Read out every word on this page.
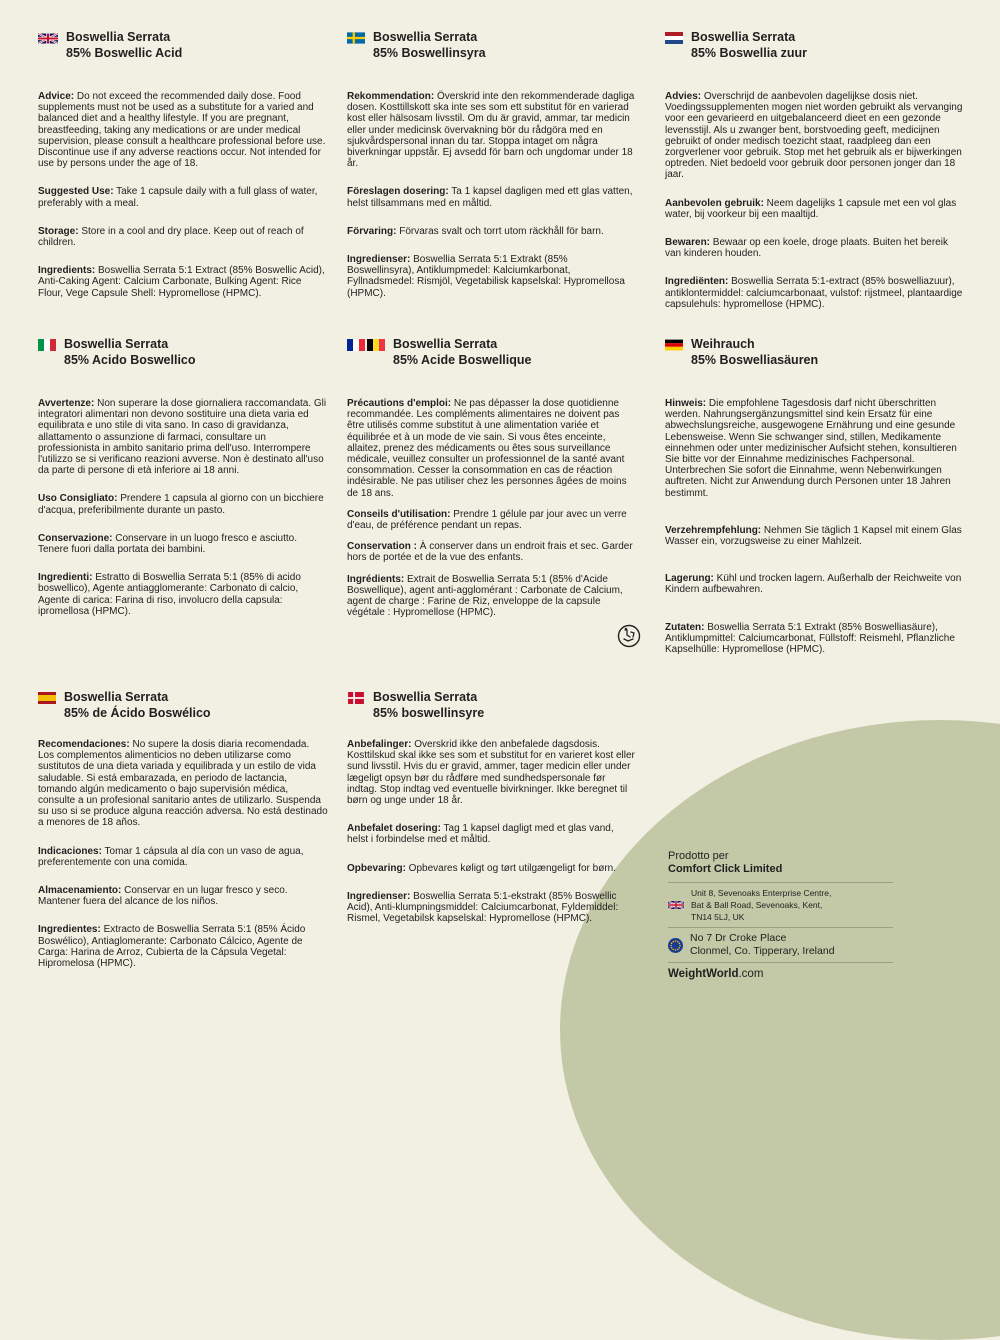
Boswellia Serrata
85% Boswellic Acid

Advice: Do not exceed the recommended daily dose. Food supplements must not be used as a substitute for a varied and balanced diet and a healthy lifestyle. If you are pregnant, breastfeeding, taking any medications or are under medical supervision, please consult a healthcare professional before use. Discontinue use if any adverse reactions occur. Not intended for use by persons under the age of 18.

Suggested Use: Take 1 capsule daily with a full glass of water, preferably with a meal.

Storage: Store in a cool and dry place. Keep out of reach of children.

Ingredients: Boswellia Serrata 5:1 Extract (85% Boswellic Acid), Anti-Caking Agent: Calcium Carbonate, Bulking Agent: Rice Flour, Vege Capsule Shell: Hypromellose (HPMC).

Boswellia Serrata
85% Boswellinsyra

Rekommendation: Överskrid inte den rekommenderade dagliga dosen. Kosttillskott ska inte ses som ett substitut för en varierad kost eller hälsosam livsstil. Om du är gravid, ammar, tar medicin eller under medicinsk övervakning bör du rådgöra med en sjukvårdspersonal innan du tar. Stoppa intaget om några biverkningar uppstår. Ej avsedd för barn och ungdomar under 18 år.

Föreslagen dosering: Ta 1 kapsel dagligen med ett glas vatten, helst tillsammans med en måltid.

Förvaring: Förvaras svalt och torrt utom räckhåll för barn.

Ingredienser: Boswellia Serrata 5:1 Extrakt (85% Boswellinsyra), Antiklumpmedel: Kalciumkarbonat, Fyllnadsmedel: Rismjöl, Vegetabilisk kapselskal: Hypromellosa (HPMC).

Boswellia Serrata
85% Boswellia zuur

Advies: Overschrijd de aanbevolen dagelijkse dosis niet. Voedingssupplementen mogen niet worden gebruikt als vervanging voor een gevarieerd en uitgebalanceerd dieet en een gezonde levensstijl. Als u zwanger bent, borstvoeding geeft, medicijnen gebruikt of onder medisch toezicht staat, raadpleeg dan een zorgverlener voor gebruik. Stop met het gebruik als er bijwerkingen optreden. Niet bedoeld voor gebruik door personen jonger dan 18 jaar.

Aanbevolen gebruik: Neem dagelijks 1 capsule met een vol glas water, bij voorkeur bij een maaltijd.

Bewaren: Bewaar op een koele, droge plaats. Buiten het bereik van kinderen houden.

Ingrediënten: Boswellia Serrata 5:1-extract (85% boswelliazuur), antiklontermiddel: calciumcarbonaat, vulstof: rijstmeel, plantaardige capsulehuls: hypromellose (HPMC).

Boswellia Serrata
85% Acido Boswellico

Avvertenze: Non superare la dose giornaliera raccomandata. Gli integratori alimentari non devono sostituire una dieta varia ed equilibrata e uno stile di vita sano. In caso di gravidanza, allattamento o assunzione di farmaci, consultare un professionista in ambito sanitario prima dell'uso. Interrompere l'utilizzo se si verificano reazioni avverse. Non è destinato all'uso da parte di persone di età inferiore ai 18 anni.

Uso Consigliato: Prendere 1 capsula al giorno con un bicchiere d'acqua, preferibilmente durante un pasto.

Conservazione: Conservare in un luogo fresco e asciutto. Tenere fuori dalla portata dei bambini.

Ingredienti: Estratto di Boswellia Serrata 5:1 (85% di acido boswellico), Agente antiagglomerante: Carbonato di calcio, Agente di carica: Farina di riso, involucro della capsula: ipromellosa (HPMC).

Boswellia Serrata
85% Acide Boswellique

Précautions d'emploi: Ne pas dépasser la dose quotidienne recommandée. Les compléments alimentaires ne doivent pas être utilisés comme substitut à une alimentation variée et équilibrée et à un mode de vie sain. Si vous êtes enceinte, allaitez, prenez des médicaments ou êtes sous surveillance médicale, veuillez consulter un professionnel de la santé avant consommation. Cesser la consommation en cas de réaction indésirable. Ne pas utiliser chez les personnes âgées de moins de 18 ans.

Conseils d'utilisation: Prendre 1 gélule par jour avec un verre d'eau, de préférence pendant un repas.

Conservation : À conserver dans un endroit frais et sec. Garder hors de portée et de la vue des enfants.

Ingrédients: Extrait de Boswellia Serrata 5:1 (85% d'Acide Boswellique), agent anti-agglomérant : Carbonate de Calcium, agent de charge : Farine de Riz, enveloppe de la capsule végétale : Hypromellose (HPMC).

Weihrauch
85% Boswelliasäuren

Hinweis: Die empfohlene Tagesdosis darf nicht überschritten werden. Nahrungsergänzungsmittel sind kein Ersatz für eine abwechslungsreiche, ausgewogene Ernährung und eine gesunde Lebensweise. Wenn Sie schwanger sind, stillen, Medikamente einnehmen oder unter medizinischer Aufsicht stehen, konsultieren Sie bitte vor der Einnahme medizinisches Fachpersonal. Unterbrechen Sie sofort die Einnahme, wenn Nebenwirkungen auftreten. Nicht zur Anwendung durch Personen unter 18 Jahren bestimmt.

Verzehrempfehlung: Nehmen Sie täglich 1 Kapsel mit einem Glas Wasser ein, vorzugsweise zu einer Mahlzeit.

Lagerung: Kühl und trocken lagern. Außerhalb der Reichweite von Kindern aufbewahren.

Zutaten: Boswellia Serrata 5:1 Extrakt (85% Boswelliasäure), Antiklumpmittel: Calciumcarbonat, Füllstoff: Reismehl, Pflanzliche Kapselhülle: Hypromellose (HPMC).

Boswellia Serrata
85% de Ácido Boswélico

Recomendaciones: No supere la dosis diaria recomendada. Los complementos alimenticios no deben utilizarse como sustitutos de una dieta variada y equilibrada y un estilo de vida saludable. Si está embarazada, en periodo de lactancia, tomando algún medicamento o bajo supervisión médica, consulte a un profesional sanitario antes de utilizarlo. Suspenda su uso si se produce alguna reacción adversa. No está destinado a menores de 18 años.

Indicaciones: Tomar 1 cápsula al día con un vaso de agua, preferentemente con una comida.

Almacenamiento: Conservar en un lugar fresco y seco. Mantener fuera del alcance de los niños.

Ingredientes: Extracto de Boswellia Serrata 5:1 (85% Ácido Boswélico), Antiaglomerante: Carbonato Cálcico, Agente de Carga: Harina de Arroz, Cubierta de la Cápsula Vegetal: Hipromelosa (HPMC).

Boswellia Serrata
85% boswellinsyre

Anbefalinger: Overskrid ikke den anbefalede dagsdosis. Kosttilskud skal ikke ses som et substitut for en varieret kost eller sund livsstil. Hvis du er gravid, ammer, tager medicin eller under lægeligt opsyn bør du rådføre med sundhedspersonale før indtag. Stop indtag ved eventuelle bivirkninger. Ikke beregnet til børn og unge under 18 år.

Anbefalet dosering: Tag 1 kapsel dagligt med et glas vand, helst i forbindelse med et måltid.

Opbevaring: Opbevares køligt og tørt utilgængeligt for børn.

Ingredienser: Boswellia Serrata 5:1-ekstrakt (85% Boswellic Acid), Anti-klumpningsmiddel: Calciumcarbonat, Fyldemiddel: Rismel, Vegetabilsk kapselskal: Hypromellose (HPMC).

Prodotto per
Comfort Click Limited
Unit 8, Sevenoaks Enterprise Centre,
Bat & Ball Road, Sevenoaks, Kent,
TN14 5LJ, UK
No 7 Dr Croke Place
Clonmel, Co. Tipperary, Ireland
WeightWorld.com
